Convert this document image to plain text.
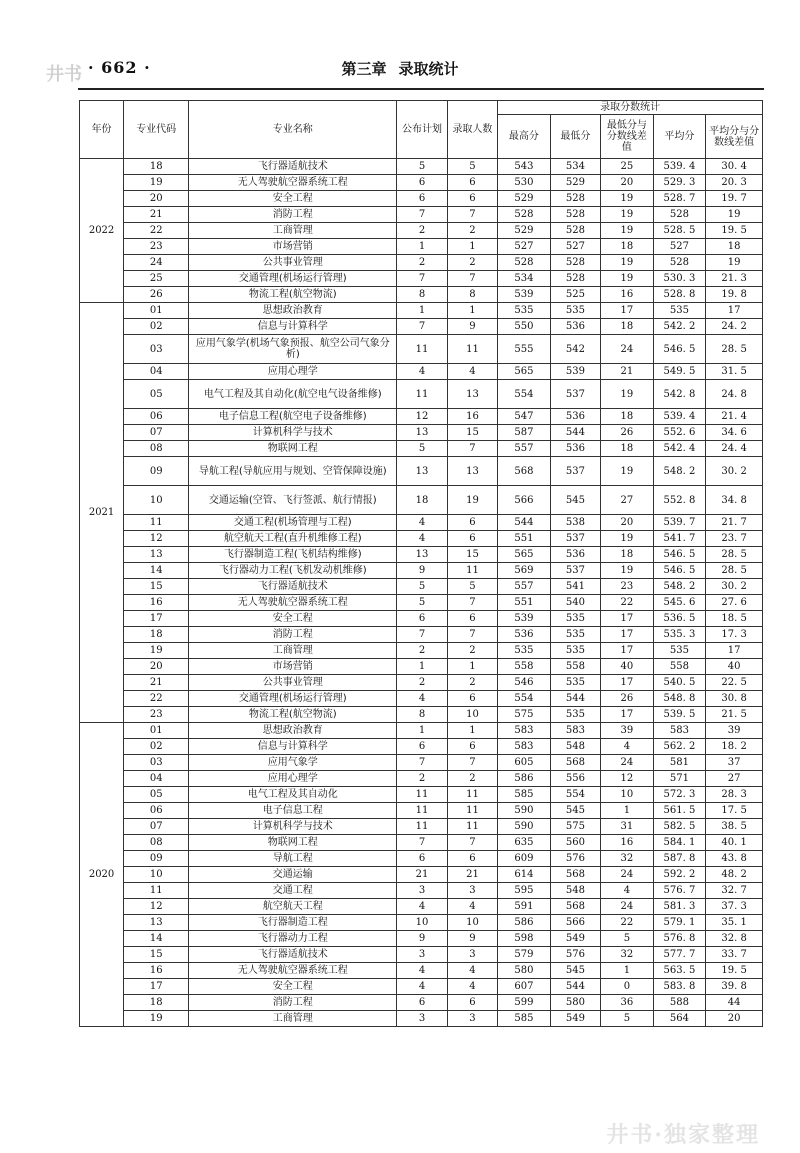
井书 · 662 ·	第三章 录取统计
年份	专业代码	专业名称	公布计划	录取人数	录取分数统计				
					最高分	最低分	最低分与分数线差值	平均分	平均分与分数线差值
2022	18	飞行器适航技术	5	5	543	534	25	539. 4	30. 4
	19	无人驾驶航空器系统工程	6	6	530	529	20	529. 3	20. 3
	20	安全工程	6	6	529	528	19	528. 7	19. 7
	21	消防工程	7	7	528	528	19	528	19
	22	工商管理	2	2	529	528	19	528. 5	19. 5
	23	市场营销	1	1	527	527	18	527	18
	24	公共事业管理	2	2	528	528	19	528	19
	25	交通管理(机场运行管理)	7	7	534	528	19	530. 3	21. 3
	26	物流工程(航空物流)	8	8	539	525	16	528. 8	19. 8
2021	01	思想政治教育	1	1	535	535	17	535	17
	02	信息与计算科学	7	9	550	536	18	542. 2	24. 2
	03	应用气象学(机场气象预报、航空公司气象分析)	11	11	555	542	24	546. 5	28. 5
	04	应用心理学	4	4	565	539	21	549. 5	31. 5
	05	电气工程及其自动化(航空电气设备维修)	11	13	554	537	19	542. 8	24. 8
	06	电子信息工程(航空电子设备维修)	12	16	547	536	18	539. 4	21. 4
	07	计算机科学与技术	13	15	587	544	26	552. 6	34. 6
	08	物联网工程	5	7	557	536	18	542. 4	24. 4
	09	导航工程(导航应用与规划、空管保障设施)	13	13	568	537	19	548. 2	30. 2
	10	交通运输(空管、飞行签派、航行情报)	18	19	566	545	27	552. 8	34. 8
	11	交通工程(机场管理与工程)	4	6	544	538	20	539. 7	21. 7
	12	航空航天工程(直升机维修工程)	4	6	551	537	19	541. 7	23. 7
	13	飞行器制造工程(飞机结构维修)	13	15	565	536	18	546. 5	28. 5
	14	飞行器动力工程(飞机发动机维修)	9	11	569	537	19	546. 5	28. 5
	15	飞行器适航技术	5	5	557	541	23	548. 2	30. 2
	16	无人驾驶航空器系统工程	5	7	551	540	22	545. 6	27. 6
	17	安全工程	6	6	539	535	17	536. 5	18. 5
	18	消防工程	7	7	536	535	17	535. 3	17. 3
	19	工商管理	2	2	535	535	17	535	17
	20	市场营销	1	1	558	558	40	558	40
	21	公共事业管理	2	2	546	535	17	540. 5	22. 5
	22	交通管理(机场运行管理)	4	6	554	544	26	548. 8	30. 8
	23	物流工程(航空物流)	8	10	575	535	17	539. 5	21. 5
2020	01	思想政治教育	1	1	583	583	39	583	39
	02	信息与计算科学	6	6	583	548	4	562. 2	18. 2
	03	应用气象学	7	7	605	568	24	581	37
	04	应用心理学	2	2	586	556	12	571	27
	05	电气工程及其自动化	11	11	585	554	10	572. 3	28. 3
	06	电子信息工程	11	11	590	545	1	561. 5	17. 5
	07	计算机科学与技术	11	11	590	575	31	582. 5	38. 5
	08	物联网工程	7	7	635	560	16	584. 1	40. 1
	09	导航工程	6	6	609	576	32	587. 8	43. 8
	10	交通运输	21	21	614	568	24	592. 2	48. 2
	11	交通工程	3	3	595	548	4	576. 7	32. 7
	12	航空航天工程	4	4	591	568	24	581. 3	37. 3
	13	飞行器制造工程	10	10	586	566	22	579. 1	35. 1
	14	飞行器动力工程	9	9	598	549	5	576. 8	32. 8
	15	飞行器适航技术	3	3	579	576	32	577. 7	33. 7
	16	无人驾驶航空器系统工程	4	4	580	545	1	563. 5	19. 5
	17	安全工程	4	4	607	544	0	583. 8	39. 8
	18	消防工程	6	6	599	580	36	588	44
	19	工商管理	3	3	585	549	5	564	20
井书·独家整理
